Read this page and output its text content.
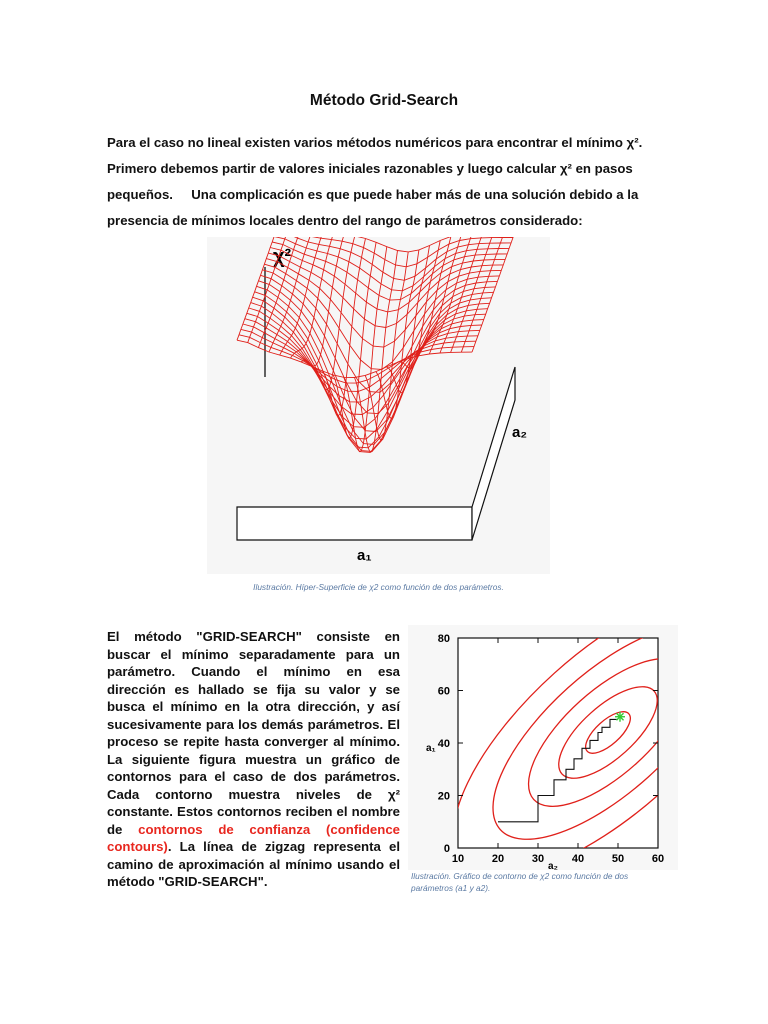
Método Grid-Search
Para el caso no lineal existen varios métodos numéricos para encontrar el mínimo χ².
Primero debemos partir de valores iniciales razonables y luego calcular χ² en pasos
pequeños.     Una complicación es que puede haber más de una solución debido a la
presencia de mínimos locales dentro del rango de parámetros considerado:
χ²
a₂
a₁
Ilustración. Híper-Superficie de χ2 como función de dos parámetros.
El método "GRID-SEARCH" consiste en buscar el mínimo separadamente para un parámetro. Cuando el mínimo en esa dirección es hallado se fija su valor y se busca el mínimo en la otra dirección, y así sucesivamente para los demás parámetros. El proceso se repite hasta converger al mínimo. La siguiente figura muestra un gráfico de contornos para el caso de dos parámetros. Cada contorno muestra niveles de χ² constante. Estos contornos reciben el nombre de contornos de confianza (confidence contours). La línea de zigzag representa el camino de aproximación al mínimo usando el método "GRID-SEARCH".
10	20	30	40	50	60
0
20
40
60
80
a₁
a₂
Ilustración. Gráfico de contorno de χ2 como función de dos parámetros (a1 y a2).
